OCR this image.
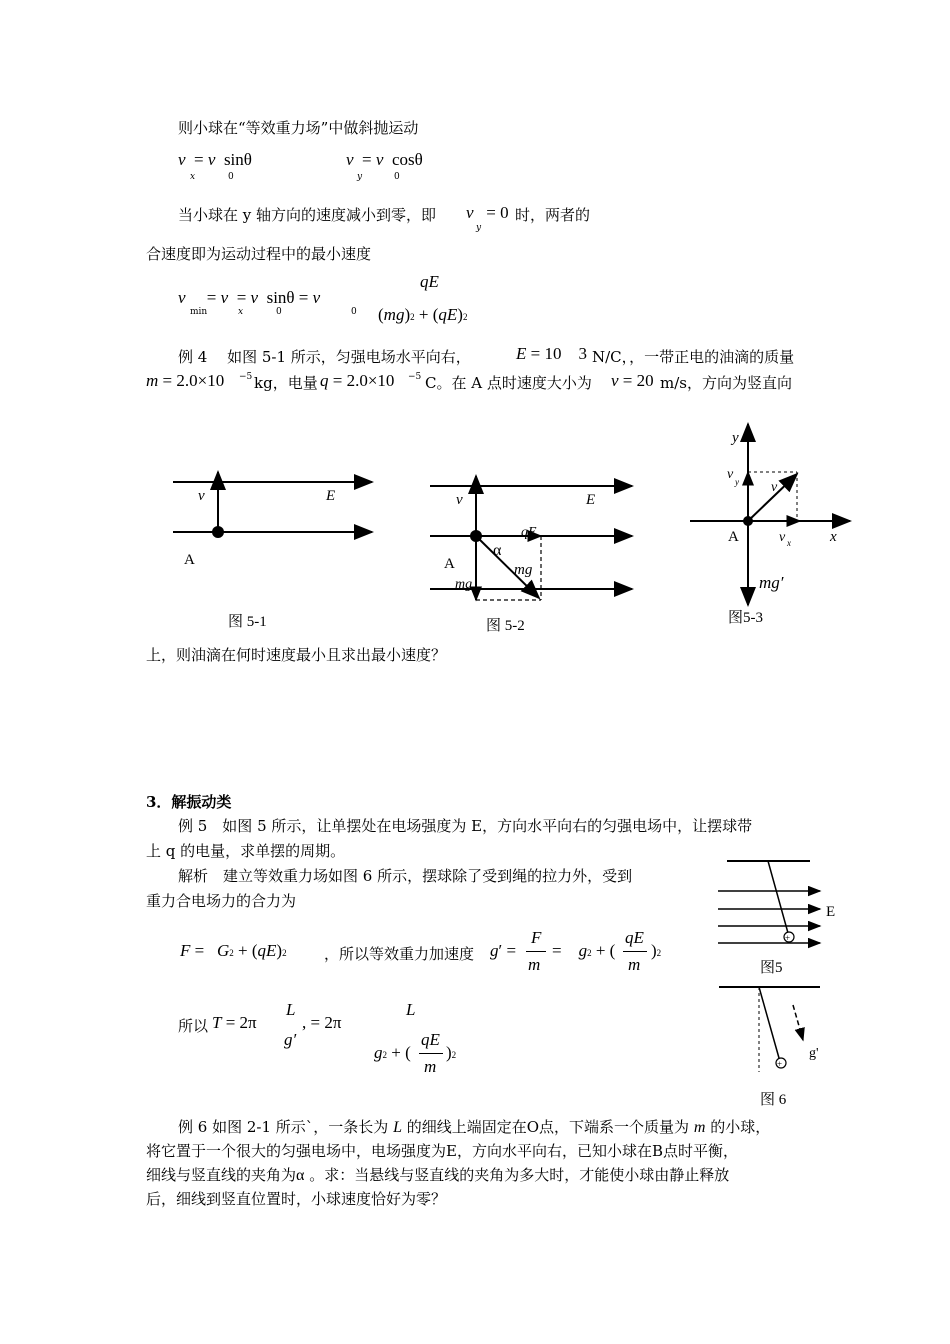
则小球在“等效重力场”中做斜抛运动
v  = v  sinθ
x	0
v  = v  cosθ
y	0
当小球在 y 轴方向的速度减小到零，即 v   = 0
y
时，两者的
合速度即为运动过程中的最小速度
v     = v  = v  sinθ = v
min	x	0	0
qE
(mg)2 + (qE)2
例 4　 如图 5-1 所示，匀强电场水平向右，	E = 10    3 N/C，，一带正电的油滴的质量
m = 2.0×10 −5 kg，电量 q = 2.0×10 −5 C。在 A 点时速度大小为 v = 20 m/s，方向为竖直向
v	E
A
v	E
qE
α
mg
A
mg
y
v y v
A	v x	x
mg′
图 5-1	图 5-2	图5-3
上，则油滴在何时速度最小且求出最小速度？
3．解振动类
例 5　如图 5 所示，让单摆处在电场强度为 E，方向水平向右的匀强电场中，让摆球带
上 q 的电量，求单摆的周期。
解析　建立等效重力场如图 6 所示，摆球除了受到绳的拉力外，受到
重力合电场力的合力为
F =   G2 + (qE)2 ，所以等效重力加速度 g′ =
F
m
=    g2 + (
qE
m
)2
所以 T = 2π
L
g′
, = 2π
L
g2 + (
qE
m
)2
+
E
+
g'
图5
图 6
例 6 如图 2-1 所示`，一条长为 L 的细线上端固定在O点，下端系一个质量为 m 的小球，
将它置于一个很大的匀强电场中，电场强度为E，方向水平向右，已知小球在B点时平衡，
细线与竖直线的夹角为α 。求：当悬线与竖直线的夹角为多大时，才能使小球由静止释放
后，细线到竖直位置时，小球速度恰好为零？
